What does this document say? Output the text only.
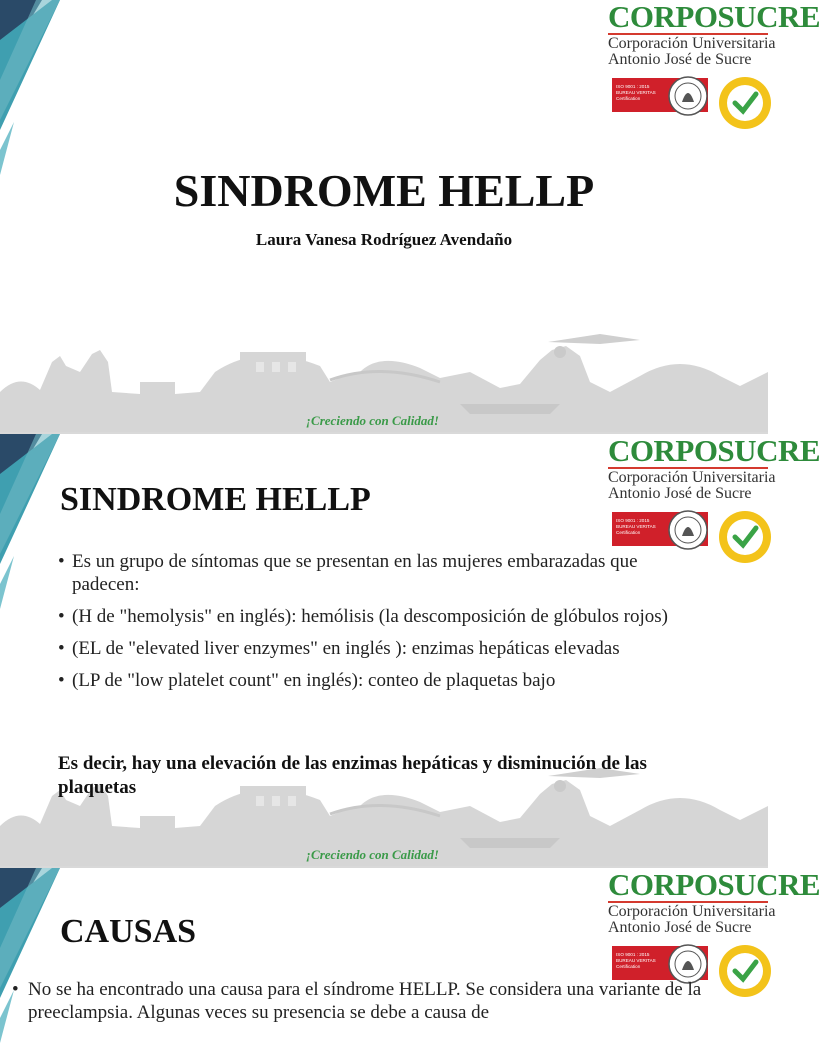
CORPOSUCRE
Corporación Universitaria
Antonio José de Sucre
ISO 9001 : 2015
BUREAU VERITAS
Certification
SINDROME HELLP
Laura Vanesa Rodríguez Avendaño
¡Creciendo con Calidad!
CORPOSUCRE
Corporación Universitaria
Antonio José de Sucre
ISO 9001 : 2015
BUREAU VERITAS
Certification
SINDROME HELLP
• Es un grupo de síntomas que se presentan en las mujeres embarazadas que padecen:
• (H de "hemolysis" en inglés): hemólisis (la descomposición de glóbulos rojos)
• (EL de "elevated liver enzymes" en inglés ): enzimas hepáticas elevadas
• (LP de "low platelet count" en inglés): conteo de plaquetas bajo
Es decir, hay una elevación de las enzimas hepáticas y disminución de las plaquetas
¡Creciendo con Calidad!
CORPOSUCRE
Corporación Universitaria
Antonio José de Sucre
ISO 9001 : 2015
BUREAU VERITAS
Certification
CAUSAS
• No se ha encontrado una causa para el síndrome HELLP. Se considera una variante de la preeclampsia. Algunas veces su presencia se debe a causa de
